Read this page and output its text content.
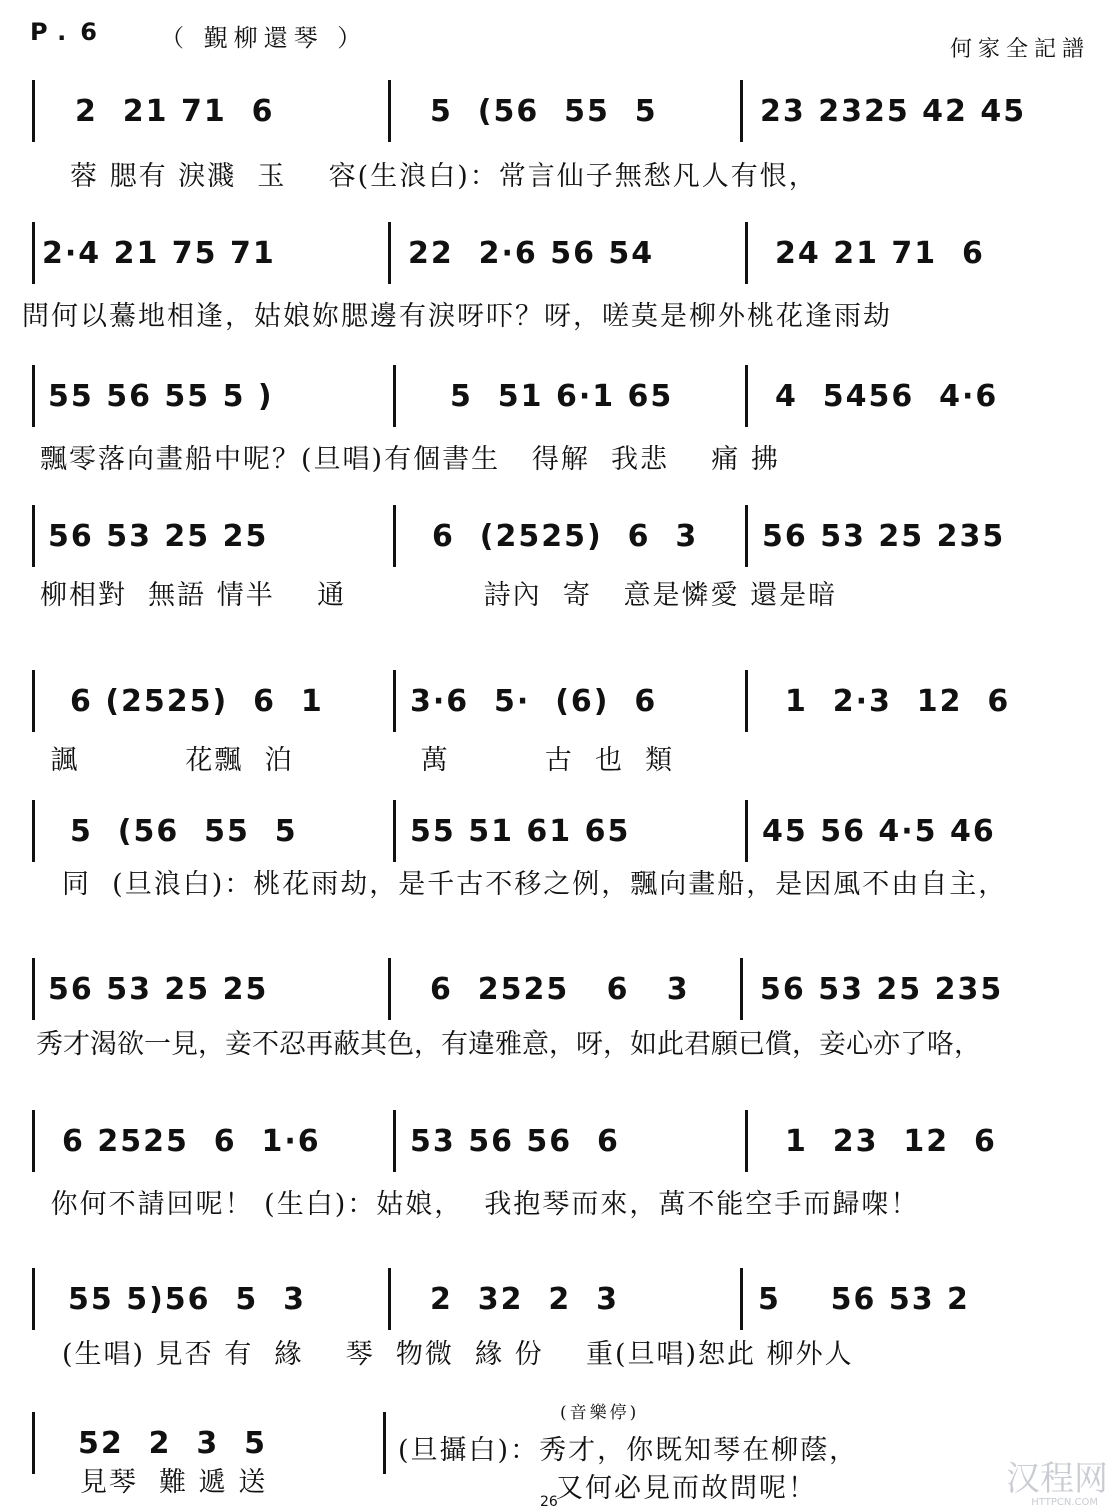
P.6 （ 覲柳還琴 ）	何家全記譜
2  21 71  6	5  (56  55  5	23 2325 42 45
蓉 腮有 淚濺  玉    容(生浪白)：常言仙子無愁凡人有恨，
2·4 21 75 71	22  2·6 56 54	24 21 71  6
問何以驀地相逢，姑娘妳腮邊有淚呀吓？呀，嗟莫是柳外桃花逢雨劫
55 56 55 5 )	5  51 6·1 65	4  5456  4·6
飄零落向畫船中呢？(旦唱)有個書生   得解  我悲    痛 拂
56 53 25 25	6  (2525)  6  3 56 53 25 235
柳相對  無語 情半    通             詩內  寄   意是憐愛 還是暗
6 (2525)  6  1	3·6  5·  (6)  6	1  2·3  12  6
諷          花飄  泊            萬         古  也  類
5  (56  55  5	55 51 61 65	45 56 4·5 46
同  (旦浪白)：桃花雨劫，是千古不移之例，飄向畫船，是因風不由自主，
56 53 25 25	6  2525   6   3 56 53 25 235
秀才渴欲一見，妾不忍再蔽其色，有違雅意，呀，如此君願已償，妾心亦了咯，
6 2525  6  1·6	53 56 56  6	1  23  12  6
你何不請回呢！ (生白)：姑娘，  我抱琴而來，萬不能空手而歸㗎！
55 5)56  5  3	2  32  2  3	5    56 53 2
(生唱) 見否 有  緣    琴  物微  緣 份    重(旦唱)恕此 柳外人
52  2  3  5
見琴  難 遞 送
(音樂停)
(旦攝白)：秀才，你既知琴在柳蔭，
又何必見而故問呢！
26
汉程网
HTTPCN.COM
